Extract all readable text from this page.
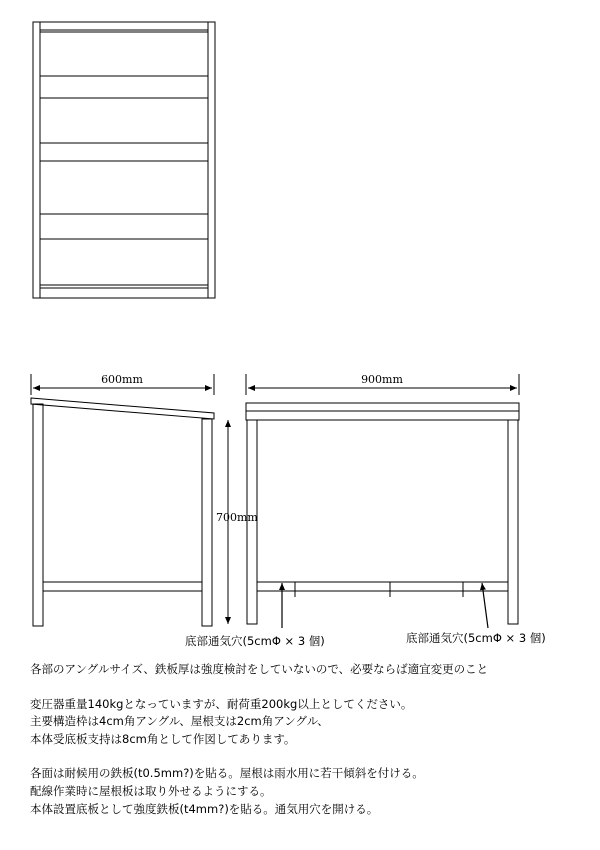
600mm	900mm
700mm
底部通気穴(5cmΦ × 3 個)	底部通気穴(5cmΦ × 3 個)

各部のアングルサイズ、鉄板厚は強度検討をしていないので、必要ならば適宜変更のこと

変圧器重量140kgとなっていますが、耐荷重200kg以上としてください。

主要構造枠は4cm角アングル、屋根支は2cm角アングル、

本体受底板支持は8cm角として作図してあります。

各面は耐候用の鉄板(t0.5mm?)を貼る。屋根は雨水用に若干傾斜を付ける。

配線作業時に屋根板は取り外せるようにする。

本体設置底板として強度鉄板(t4mm?)を貼る。通気用穴を開ける。
